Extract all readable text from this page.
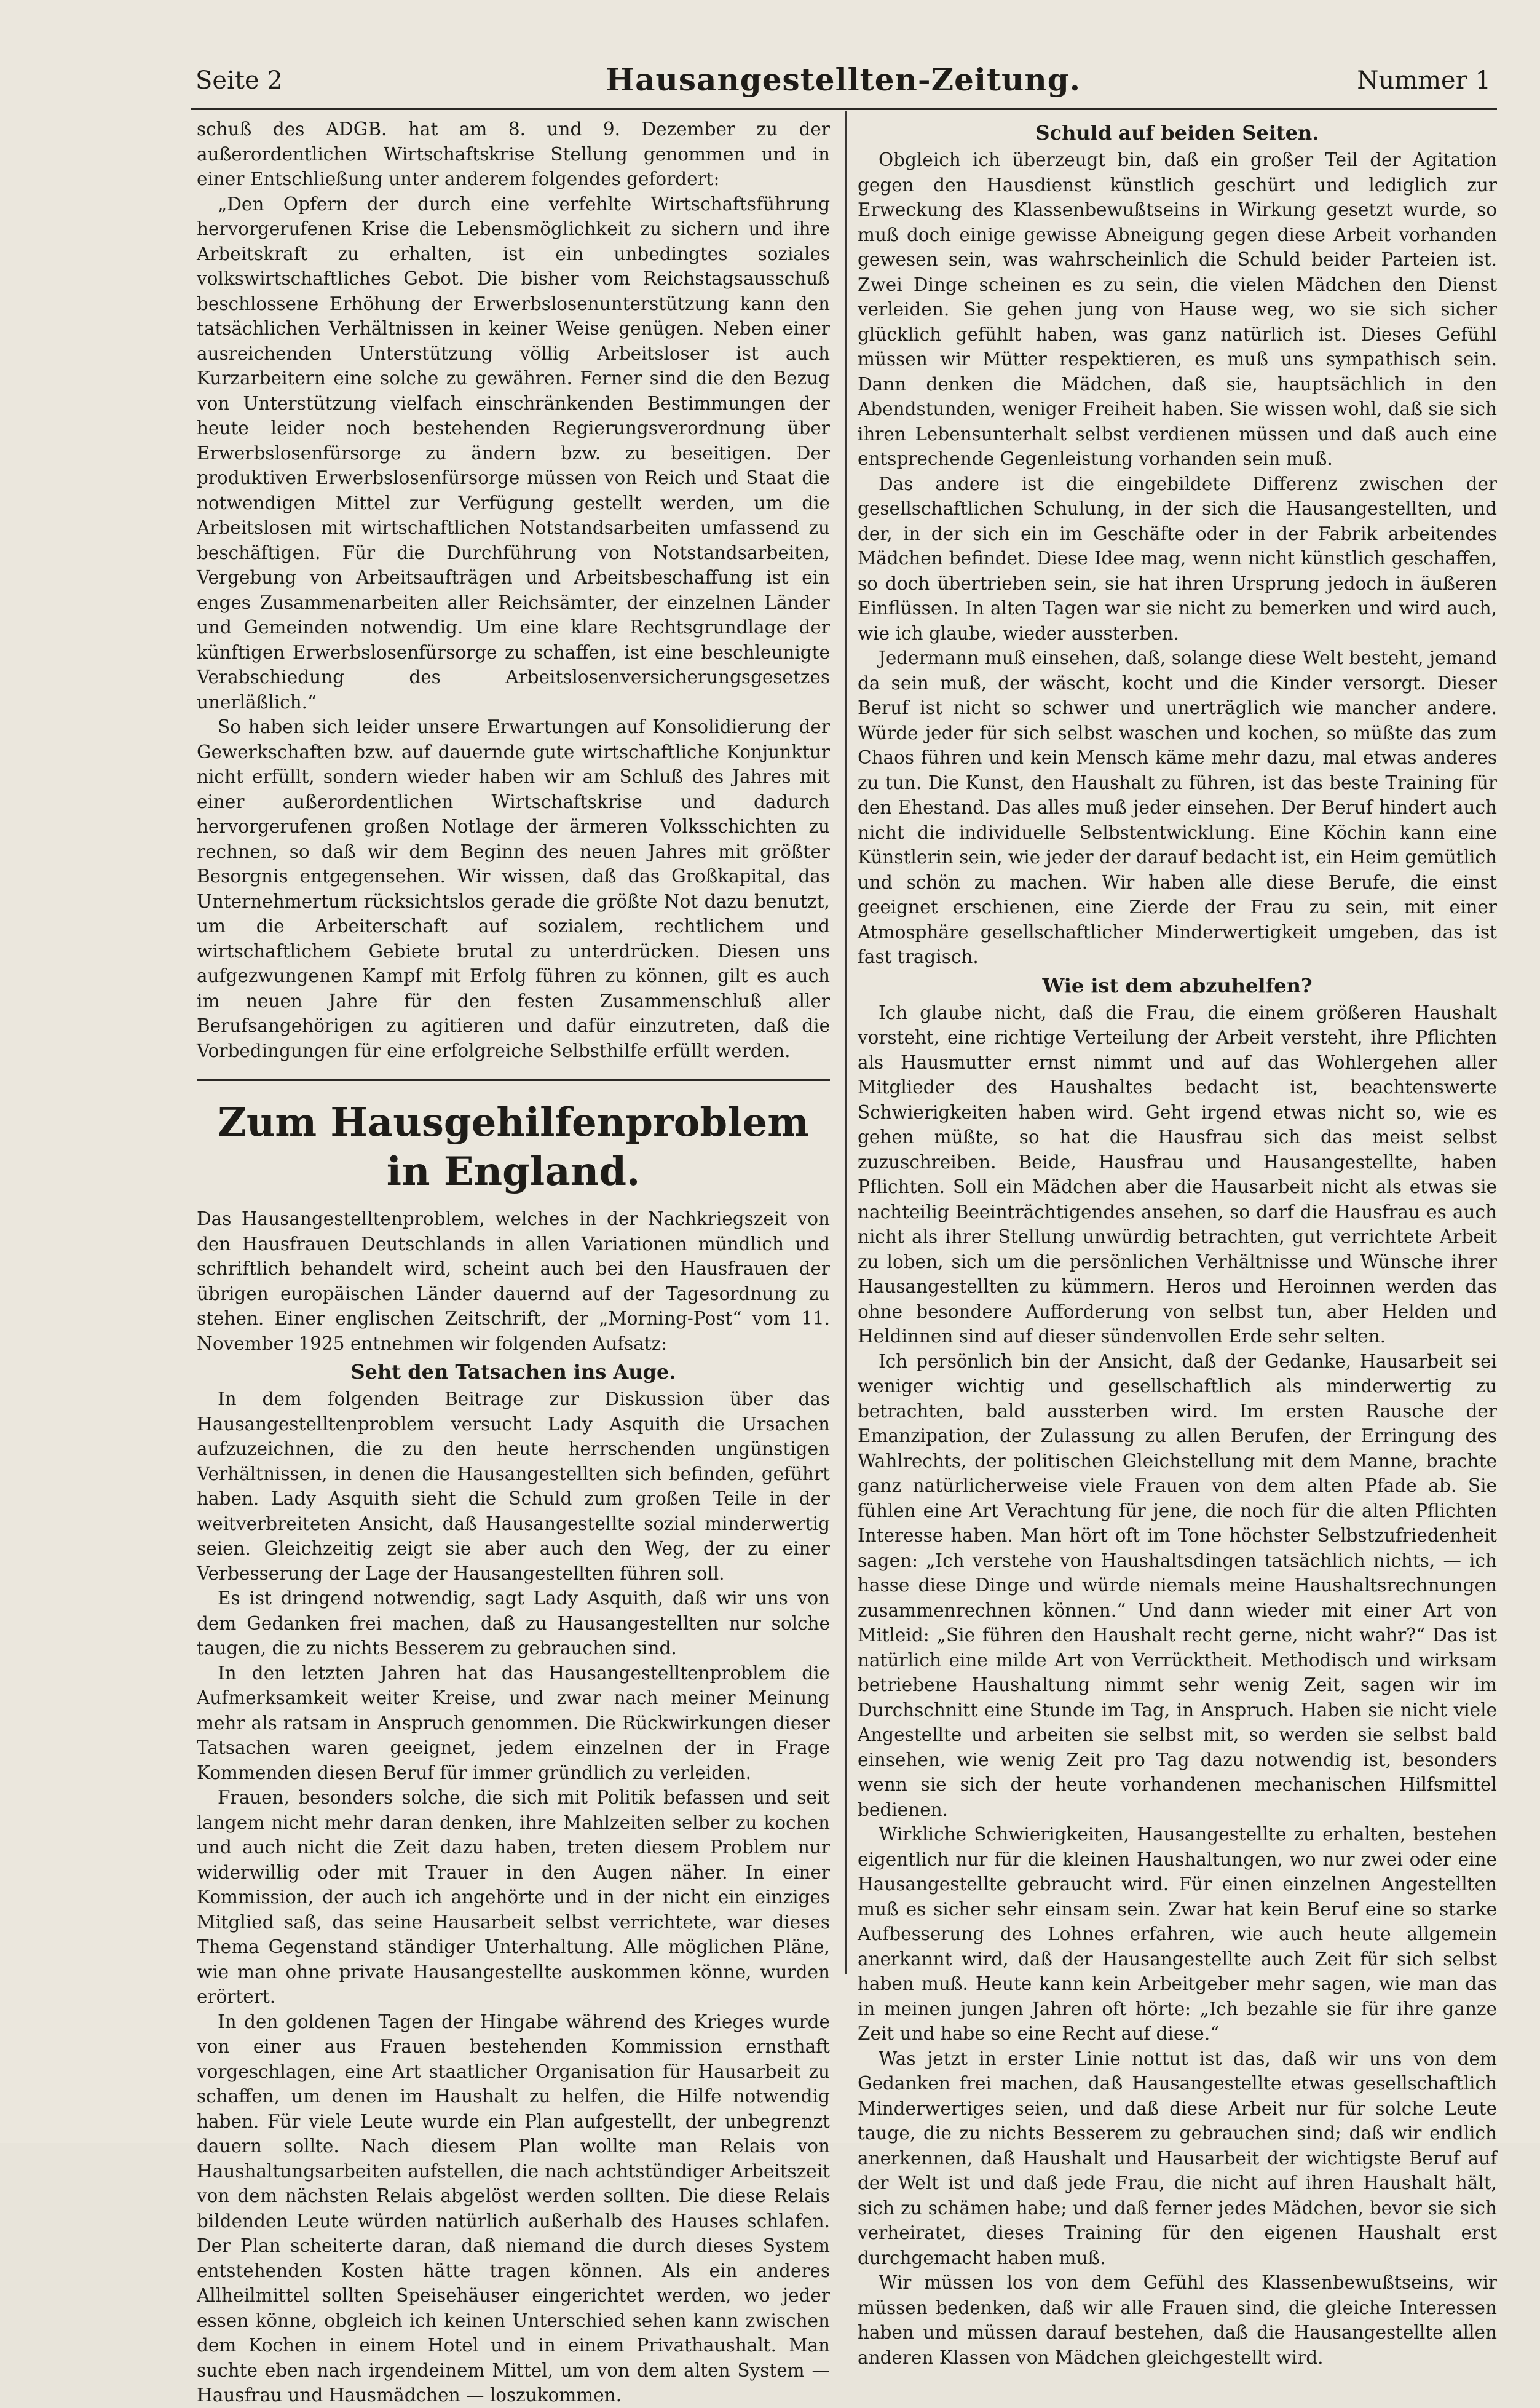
Seite 2	Hausangestellten-Zeitung.	Nummer 1

schuß des ADGB. hat am 8. und 9. Dezember zu der außerordentlichen Wirtschaftskrise Stellung genommen und in einer Entschließung unter anderem folgendes gefordert:

„Den Opfern der durch eine verfehlte Wirtschaftsführung hervorgerufenen Krise die Lebensmöglichkeit zu sichern und ihre Arbeitskraft zu erhalten, ist ein unbedingtes soziales volkswirtschaftliches Gebot. Die bisher vom Reichstagsausschuß beschlossene Erhöhung der Erwerbslosenunterstützung kann den tatsächlichen Verhältnissen in keiner Weise genügen. Neben einer ausreichenden Unterstützung völlig Arbeitsloser ist auch Kurzarbeitern eine solche zu gewähren. Ferner sind die den Bezug von Unterstützung vielfach einschränkenden Bestimmungen der heute leider noch bestehenden Regierungsverordnung über Erwerbslosenfürsorge zu ändern bzw. zu beseitigen. Der produktiven Erwerbslosenfürsorge müssen von Reich und Staat die notwendigen Mittel zur Verfügung gestellt werden, um die Arbeitslosen mit wirtschaftlichen Notstandsarbeiten umfassend zu beschäftigen. Für die Durchführung von Notstandsarbeiten, Vergebung von Arbeitsaufträgen und Arbeitsbeschaffung ist ein enges Zusammenarbeiten aller Reichsämter, der einzelnen Länder und Gemeinden notwendig. Um eine klare Rechtsgrundlage der künftigen Erwerbslosenfürsorge zu schaffen, ist eine beschleunigte Verabschiedung des Arbeitslosenversicherungsgesetzes unerläßlich.“

So haben sich leider unsere Erwartungen auf Konsolidierung der Gewerkschaften bzw. auf dauernde gute wirtschaftliche Konjunktur nicht erfüllt, sondern wieder haben wir am Schluß des Jahres mit einer außerordentlichen Wirtschaftskrise und dadurch hervorgerufenen großen Notlage der ärmeren Volksschichten zu rechnen, so daß wir dem Beginn des neuen Jahres mit größter Besorgnis entgegensehen. Wir wissen, daß das Großkapital, das Unternehmertum rücksichtslos gerade die größte Not dazu benutzt, um die Arbeiterschaft auf sozialem, rechtlichem und wirtschaftlichem Gebiete brutal zu unterdrücken. Diesen uns aufgezwungenen Kampf mit Erfolg führen zu können, gilt es auch im neuen Jahre für den festen Zusammenschluß aller Berufsangehörigen zu agitieren und dafür einzutreten, daß die Vorbedingungen für eine erfolgreiche Selbsthilfe erfüllt werden.

Zum Hausgehilfenproblem in England.

Das Hausangestelltenproblem, welches in der Nachkriegszeit von den Hausfrauen Deutschlands in allen Variationen mündlich und schriftlich behandelt wird, scheint auch bei den Hausfrauen der übrigen europäischen Länder dauernd auf der Tagesordnung zu stehen. Einer englischen Zeitschrift, der „Morning-Post“ vom 11. November 1925 entnehmen wir folgenden Aufsatz:

Seht den Tatsachen ins Auge.

In dem folgenden Beitrage zur Diskussion über das Hausangestelltenproblem versucht Lady Asquith die Ursachen aufzuzeichnen, die zu den heute herrschenden ungünstigen Verhältnissen, in denen die Hausangestellten sich befinden, geführt haben. Lady Asquith sieht die Schuld zum großen Teile in der weitverbreiteten Ansicht, daß Hausangestellte sozial minderwertig seien. Gleichzeitig zeigt sie aber auch den Weg, der zu einer Verbesserung der Lage der Hausangestellten führen soll.

Es ist dringend notwendig, sagt Lady Asquith, daß wir uns von dem Gedanken frei machen, daß zu Hausangestellten nur solche taugen, die zu nichts Besserem zu gebrauchen sind.

In den letzten Jahren hat das Hausangestelltenproblem die Aufmerksamkeit weiter Kreise, und zwar nach meiner Meinung mehr als ratsam in Anspruch genommen. Die Rückwirkungen dieser Tatsachen waren geeignet, jedem einzelnen der in Frage Kommenden diesen Beruf für immer gründlich zu verleiden.

Frauen, besonders solche, die sich mit Politik befassen und seit langem nicht mehr daran denken, ihre Mahlzeiten selber zu kochen und auch nicht die Zeit dazu haben, treten diesem Problem nur widerwillig oder mit Trauer in den Augen näher. In einer Kommission, der auch ich angehörte und in der nicht ein einziges Mitglied saß, das seine Hausarbeit selbst verrichtete, war dieses Thema Gegenstand ständiger Unterhaltung. Alle möglichen Pläne, wie man ohne private Hausangestellte auskommen könne, wurden erörtert.

In den goldenen Tagen der Hingabe während des Krieges wurde von einer aus Frauen bestehenden Kommission ernsthaft vorgeschlagen, eine Art staatlicher Organisation für Hausarbeit zu schaffen, um denen im Haushalt zu helfen, die Hilfe notwendig haben. Für viele Leute wurde ein Plan aufgestellt, der unbegrenzt dauern sollte. Nach diesem Plan wollte man Relais von Haushaltungsarbeiten aufstellen, die nach achtstündiger Arbeitszeit von dem nächsten Relais abgelöst werden sollten. Die diese Relais bildenden Leute würden natürlich außerhalb des Hauses schlafen. Der Plan scheiterte daran, daß niemand die durch dieses System entstehenden Kosten hätte tragen können. Als ein anderes Allheilmittel sollten Speisehäuser eingerichtet werden, wo jeder essen könne, obgleich ich keinen Unterschied sehen kann zwischen dem Kochen in einem Hotel und in einem Privathaushalt. Man suchte eben nach irgendeinem Mittel, um von dem alten System — Hausfrau und Hausmädchen — loszukommen.

Schuld auf beiden Seiten.

Obgleich ich überzeugt bin, daß ein großer Teil der Agitation gegen den Hausdienst künstlich geschürt und lediglich zur Erweckung des Klassenbewußtseins in Wirkung gesetzt wurde, so muß doch einige gewisse Abneigung gegen diese Arbeit vorhanden gewesen sein, was wahrscheinlich die Schuld beider Parteien ist. Zwei Dinge scheinen es zu sein, die vielen Mädchen den Dienst verleiden. Sie gehen jung von Hause weg, wo sie sich sicher glücklich gefühlt haben, was ganz natürlich ist. Dieses Gefühl müssen wir Mütter respektieren, es muß uns sympathisch sein. Dann denken die Mädchen, daß sie, hauptsächlich in den Abendstunden, weniger Freiheit haben. Sie wissen wohl, daß sie sich ihren Lebensunterhalt selbst verdienen müssen und daß auch eine entsprechende Gegenleistung vorhanden sein muß.

Das andere ist die eingebildete Differenz zwischen der gesellschaftlichen Schulung, in der sich die Hausangestellten, und der, in der sich ein im Geschäfte oder in der Fabrik arbeitendes Mädchen befindet. Diese Idee mag, wenn nicht künstlich geschaffen, so doch übertrieben sein, sie hat ihren Ursprung jedoch in äußeren Einflüssen. In alten Tagen war sie nicht zu bemerken und wird auch, wie ich glaube, wieder aussterben.

Jedermann muß einsehen, daß, solange diese Welt besteht, jemand da sein muß, der wäscht, kocht und die Kinder versorgt. Dieser Beruf ist nicht so schwer und unerträglich wie mancher andere. Würde jeder für sich selbst waschen und kochen, so müßte das zum Chaos führen und kein Mensch käme mehr dazu, mal etwas anderes zu tun. Die Kunst, den Haushalt zu führen, ist das beste Training für den Ehestand. Das alles muß jeder einsehen. Der Beruf hindert auch nicht die individuelle Selbstentwicklung. Eine Köchin kann eine Künstlerin sein, wie jeder der darauf bedacht ist, ein Heim gemütlich und schön zu machen. Wir haben alle diese Berufe, die einst geeignet erschienen, eine Zierde der Frau zu sein, mit einer Atmosphäre gesellschaftlicher Minderwertigkeit umgeben, das ist fast tragisch.

Wie ist dem abzuhelfen?

Ich glaube nicht, daß die Frau, die einem größeren Haushalt vorsteht, eine richtige Verteilung der Arbeit versteht, ihre Pflichten als Hausmutter ernst nimmt und auf das Wohlergehen aller Mitglieder des Haushaltes bedacht ist, beachtenswerte Schwierigkeiten haben wird. Geht irgend etwas nicht so, wie es gehen müßte, so hat die Hausfrau sich das meist selbst zuzuschreiben. Beide, Hausfrau und Hausangestellte, haben Pflichten. Soll ein Mädchen aber die Hausarbeit nicht als etwas sie nachteilig Beeinträchtigendes ansehen, so darf die Hausfrau es auch nicht als ihrer Stellung unwürdig betrachten, gut verrichtete Arbeit zu loben, sich um die persönlichen Verhältnisse und Wünsche ihrer Hausangestellten zu kümmern. Heros und Heroinnen werden das ohne besondere Aufforderung von selbst tun, aber Helden und Heldinnen sind auf dieser sündenvollen Erde sehr selten.

Ich persönlich bin der Ansicht, daß der Gedanke, Hausarbeit sei weniger wichtig und gesellschaftlich als minderwertig zu betrachten, bald aussterben wird. Im ersten Rausche der Emanzipation, der Zulassung zu allen Berufen, der Erringung des Wahlrechts, der politischen Gleichstellung mit dem Manne, brachte ganz natürlicherweise viele Frauen von dem alten Pfade ab. Sie fühlen eine Art Verachtung für jene, die noch für die alten Pflichten Interesse haben. Man hört oft im Tone höchster Selbstzufriedenheit sagen: „Ich verstehe von Haushaltsdingen tatsächlich nichts, — ich hasse diese Dinge und würde niemals meine Haushaltsrechnungen zusammenrechnen können.“ Und dann wieder mit einer Art von Mitleid: „Sie führen den Haushalt recht gerne, nicht wahr?“ Das ist natürlich eine milde Art von Verrücktheit. Methodisch und wirksam betriebene Haushaltung nimmt sehr wenig Zeit, sagen wir im Durchschnitt eine Stunde im Tag, in Anspruch. Haben sie nicht viele Angestellte und arbeiten sie selbst mit, so werden sie selbst bald einsehen, wie wenig Zeit pro Tag dazu notwendig ist, besonders wenn sie sich der heute vorhandenen mechanischen Hilfsmittel bedienen.

Wirkliche Schwierigkeiten, Hausangestellte zu erhalten, bestehen eigentlich nur für die kleinen Haushaltungen, wo nur zwei oder eine Hausangestellte gebraucht wird. Für einen einzelnen Angestellten muß es sicher sehr einsam sein. Zwar hat kein Beruf eine so starke Aufbesserung des Lohnes erfahren, wie auch heute allgemein anerkannt wird, daß der Hausangestellte auch Zeit für sich selbst haben muß. Heute kann kein Arbeitgeber mehr sagen, wie man das in meinen jungen Jahren oft hörte: „Ich bezahle sie für ihre ganze Zeit und habe so eine Recht auf diese.“

Was jetzt in erster Linie nottut ist das, daß wir uns von dem Gedanken frei machen, daß Hausangestellte etwas gesellschaftlich Minderwertiges seien, und daß diese Arbeit nur für solche Leute tauge, die zu nichts Besserem zu gebrauchen sind; daß wir endlich anerkennen, daß Haushalt und Hausarbeit der wichtigste Beruf auf der Welt ist und daß jede Frau, die nicht auf ihren Haushalt hält, sich zu schämen habe; und daß ferner jedes Mädchen, bevor sie sich verheiratet, dieses Training für den eigenen Haushalt erst durchgemacht haben muß.

Wir müssen los von dem Gefühl des Klassenbewußtseins, wir müssen bedenken, daß wir alle Frauen sind, die gleiche Interessen haben und müssen darauf bestehen, daß die Hausangestellte allen anderen Klassen von Mädchen gleichgestellt wird.
